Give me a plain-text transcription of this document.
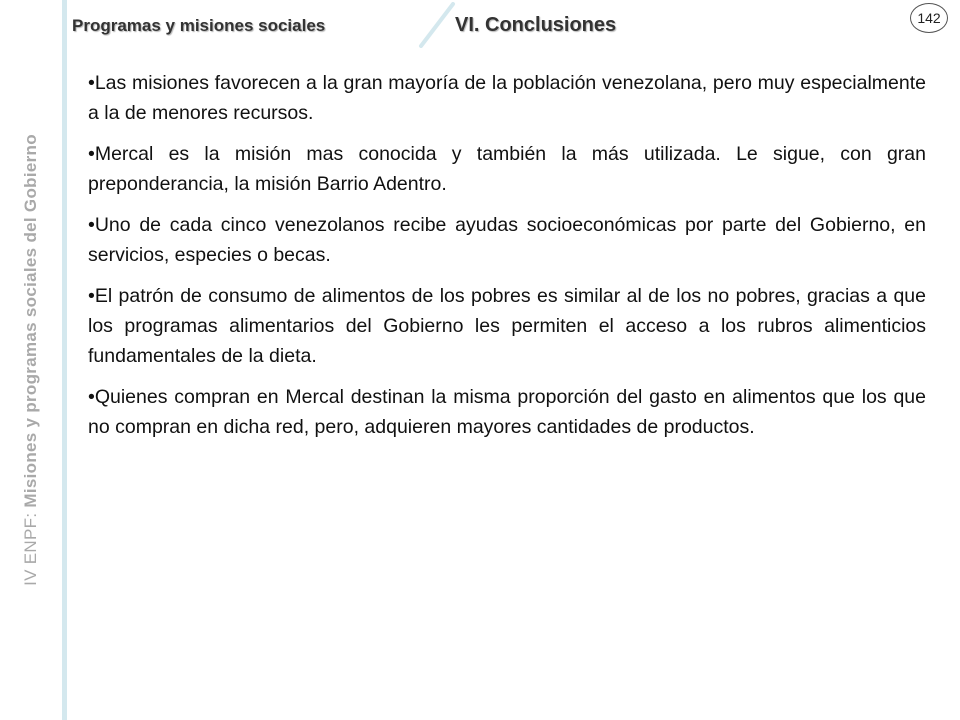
IV ENPF: Misiones y programas sociales del Gobierno
Programas y misiones sociales	VI. Conclusiones	142
•Las misiones favorecen a la gran mayoría de la población venezolana, pero muy especialmente a la de menores recursos.
•Mercal es la misión mas conocida y también la más utilizada. Le sigue, con gran preponderancia, la misión Barrio Adentro.
•Uno de cada cinco venezolanos recibe ayudas socioeconómicas por parte del Gobierno, en servicios, especies o becas.
•El patrón de consumo de alimentos de los pobres es similar al de los no pobres, gracias a que los programas alimentarios del Gobierno les permiten el acceso a los rubros alimenticios fundamentales de la dieta.
•Quienes compran en Mercal destinan la misma proporción del gasto en alimentos que los que no compran en dicha red, pero, adquieren mayores cantidades de productos.
